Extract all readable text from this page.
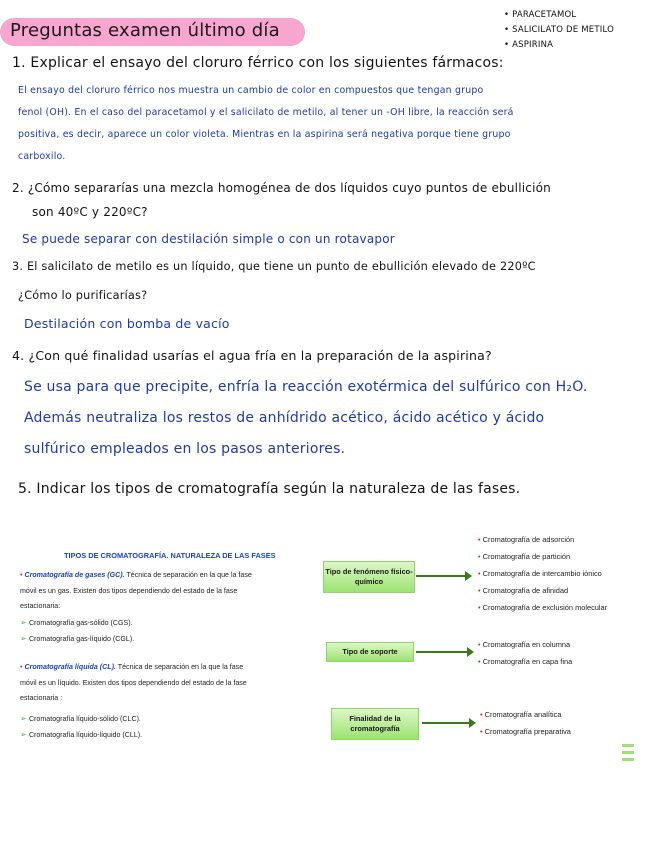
Preguntas examen último día
• PARACETAMOL
• SALICILATO DE METILO
• ASPIRINA
1. Explicar el ensayo del cloruro férrico con los siguientes fármacos:
El ensayo del cloruro férrico nos muestra un cambio de color en compuestos que tengan grupo
fenol (OH). En el caso del paracetamol y el salicilato de metilo, al tener un -OH libre, la reacción será
positiva, es decir, aparece un color violeta. Mientras en la aspirina será negativa porque tiene grupo
carboxilo.
2. ¿Cómo separarías una mezcla homogénea de dos líquidos cuyo puntos de ebullición
son 40ºC y 220ºC?
Se puede separar con destilación simple o con un rotavapor
3. El salicilato de metilo es un líquido, que tiene un punto de ebullición elevado de 220ºC
¿Cómo lo purificarías?
Destilación con bomba de vacío
4. ¿Con qué finalidad usarías el agua fría en la preparación de la aspirina?
Se usa para que precipite, enfría la reacción exotérmica del sulfúrico con H₂O.
Además neutraliza los restos de anhídrido acético, ácido acético y ácido
sulfúrico empleados en los pasos anteriores.
5. Indicar los tipos de cromatografía según la naturaleza de las fases.
TIPOS DE CROMATOGRAFÍA. NATURALEZA DE LAS FASES
• Cromatografía de gases (GC). Técnica de separación en la que la fase
móvil es un gas. Existen dos tipos dependiendo del estado de la fase
estacionaria:
➢ Cromatografía gas-sólido (CGS).
➢ Cromatografía gas-líquido (CGL).
• Cromatografía líquida (CL). Técnica de separación en la que la fase
móvil es un líquido. Existen dos tipos dependiendo del estado de la fase
estacionaria :
➢ Cromatografía líquido-sólido (CLC).
➢ Cromatografía líquido-líquido (CLL).
Tipo de fenómeno físico-químico
• Cromatografía de adsorción
• Cromatografía de partición
• Cromatografía de intercambio iónico
• Cromatografía de afinidad
• Cromatografía de exclusión molecular
Tipo de soporte
• Cromatografía en columna
• Cromatografía en capa fina
Finalidad de la cromatografía
• Cromatografía analítica
• Cromatografía preparativa
